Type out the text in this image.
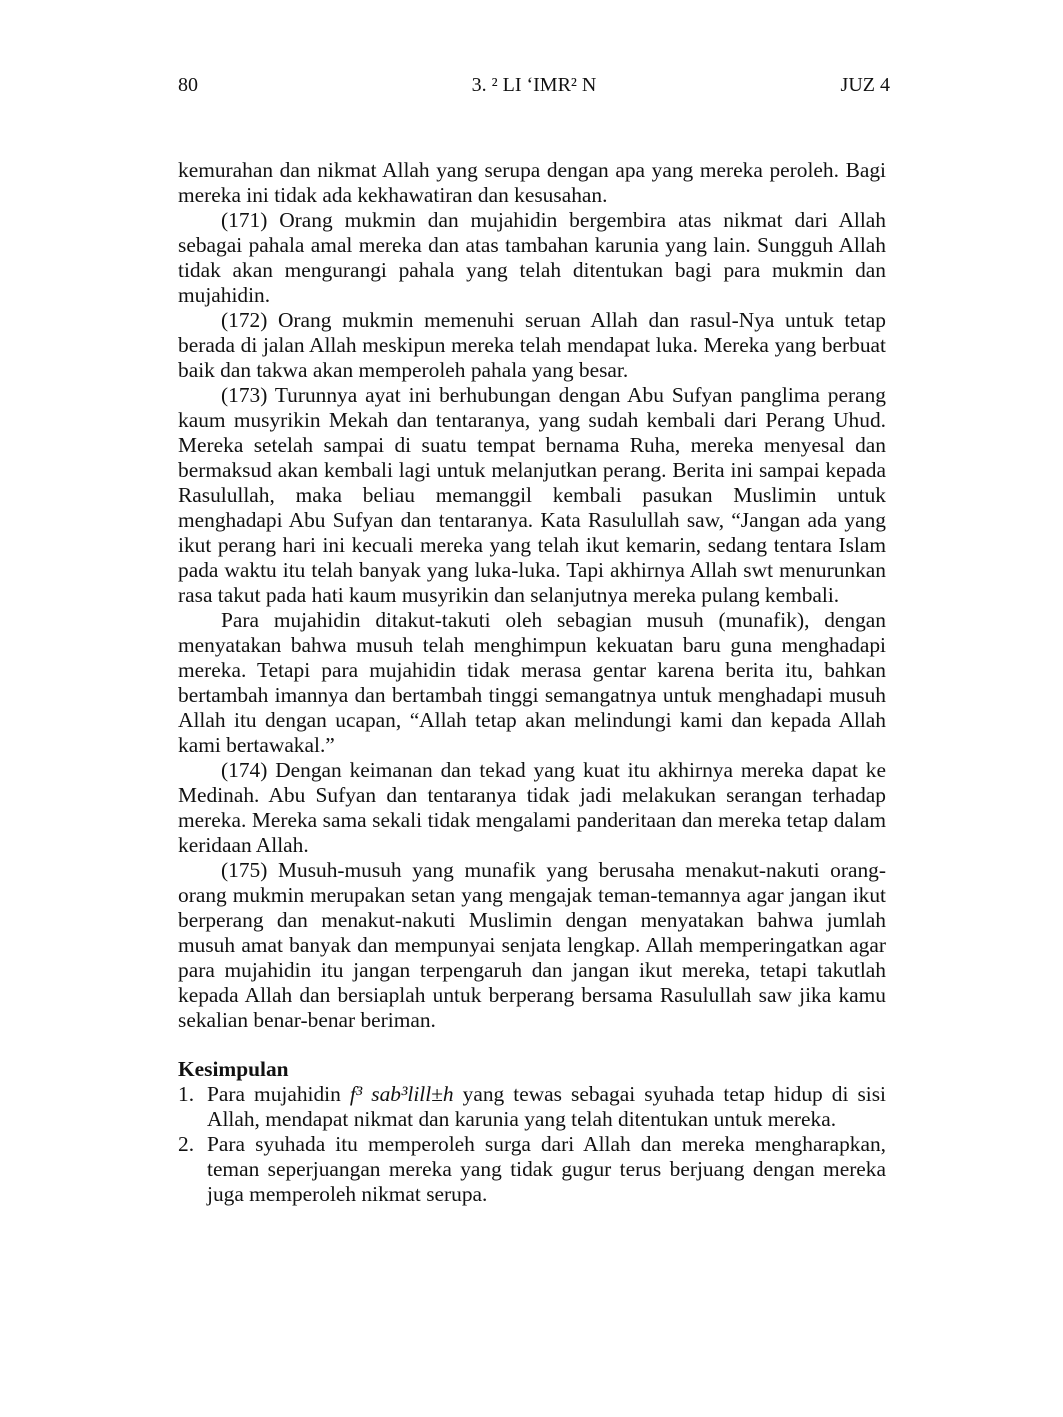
80	3. ² LI ‘IMR² N	JUZ 4

kemurahan dan nikmat Allah yang serupa dengan apa yang mereka peroleh. Bagi mereka ini tidak ada kekhawatiran dan kesusahan.

(171) Orang mukmin dan mujahidin bergembira atas nikmat dari Allah sebagai pahala amal mereka dan atas tambahan karunia yang lain. Sungguh Allah tidak akan mengurangi pahala yang telah ditentukan bagi para mukmin dan mujahidin.

(172) Orang mukmin memenuhi seruan Allah dan rasul-Nya untuk tetap berada di jalan Allah meskipun mereka telah mendapat luka. Mereka yang berbuat baik dan takwa akan memperoleh pahala yang besar.

(173) Turunnya ayat ini berhubungan dengan Abu Sufyan panglima perang kaum musyrikin Mekah dan tentaranya, yang sudah kembali dari Perang Uhud. Mereka setelah sampai di suatu tempat bernama Ruha, mereka menyesal dan bermaksud akan kembali lagi untuk melanjutkan perang. Berita ini sampai kepada Rasulullah, maka beliau memanggil kembali pasukan Muslimin untuk menghadapi Abu Sufyan dan tentaranya. Kata Rasulullah saw, “Jangan ada yang ikut perang hari ini kecuali mereka yang telah ikut kemarin, sedang tentara Islam pada waktu itu telah banyak yang luka-luka. Tapi akhirnya Allah swt menurunkan rasa takut pada hati kaum musyrikin dan selanjutnya mereka pulang kembali.

Para mujahidin ditakut-takuti oleh sebagian musuh (munafik), dengan menyatakan bahwa musuh telah menghimpun kekuatan baru guna menghadapi mereka. Tetapi para mujahidin tidak merasa gentar karena berita itu, bahkan bertambah imannya dan bertambah tinggi semangatnya untuk menghadapi musuh Allah itu dengan ucapan, “Allah tetap akan melindungi kami dan kepada Allah kami bertawakal.”

(174) Dengan keimanan dan tekad yang kuat itu akhirnya mereka dapat ke Medinah. Abu Sufyan dan tentaranya tidak jadi melakukan serangan terhadap mereka. Mereka sama sekali tidak mengalami panderitaan dan mereka tetap dalam keridaan Allah.

(175) Musuh-musuh yang munafik yang berusaha menakut-nakuti orang-orang mukmin merupakan setan yang mengajak teman-temannya agar jangan ikut berperang dan menakut-nakuti Muslimin dengan menyatakan bahwa jumlah musuh amat banyak dan mempunyai senjata lengkap. Allah memperingatkan agar para mujahidin itu jangan terpengaruh dan jangan ikut mereka, tetapi takutlah kepada Allah dan bersiaplah untuk berperang bersama Rasulullah saw jika kamu sekalian benar-benar beriman.

Kesimpulan
1. Para mujahidin f³ sab³lill±h yang tewas sebagai syuhada tetap hidup di sisi Allah, mendapat nikmat dan karunia yang telah ditentukan untuk mereka.
2. Para syuhada itu memperoleh surga dari Allah dan mereka mengharapkan, teman seperjuangan mereka yang tidak gugur terus berjuang dengan mereka juga memperoleh nikmat serupa.
